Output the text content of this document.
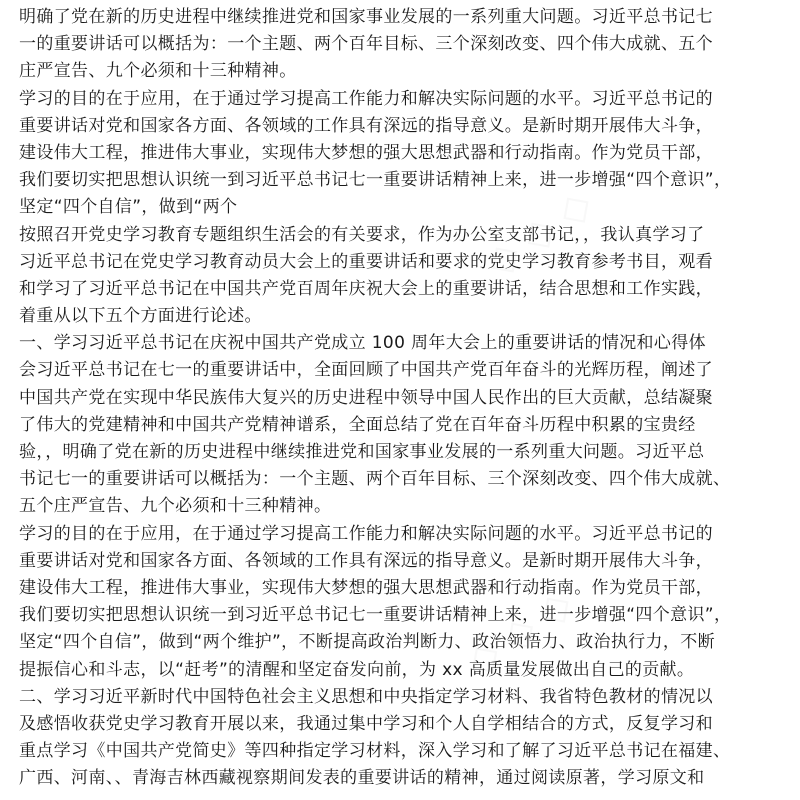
明确了党在新的历史进程中继续推进党和国家事业发展的一系列重大问题。习近平总书记七
一的重要讲话可以概括为：一个主题、两个百年目标、三个深刻改变、四个伟大成就、五个
庄严宣告、九个必须和十三种精神。
学习的目的在于应用，在于通过学习提高工作能力和解决实际问题的水平。习近平总书记的
重要讲话对党和国家各方面、各领域的工作具有深远的指导意义。是新时期开展伟大斗争，
建设伟大工程，推进伟大事业，实现伟大梦想的强大思想武器和行动指南。作为党员干部，
我们要切实把思想认识统一到习近平总书记七一重要讲话精神上来，进一步增强“四个意识”，
坚定“四个自信”，做到“两个
按照召开党史学习教育专题组织生活会的有关要求，作为办公室支部书记，，我认真学习了
习近平总书记在党史学习教育动员大会上的重要讲话和要求的党史学习教育参考书目，观看
和学习了习近平总书记在中国共产党百周年庆祝大会上的重要讲话，结合思想和工作实践，
着重从以下五个方面进行论述。
一、学习习近平总书记在庆祝中国共产党成立 100 周年大会上的重要讲话的情况和心得体
会习近平总书记在七一的重要讲话中，全面回顾了中国共产党百年奋斗的光辉历程，阐述了
中国共产党在实现中华民族伟大复兴的历史进程中领导中国人民作出的巨大贡献，总结凝聚
了伟大的党建精神和中国共产党精神谱系，全面总结了党在百年奋斗历程中积累的宝贵经
验，，明确了党在新的历史进程中继续推进党和国家事业发展的一系列重大问题。习近平总
书记七一的重要讲话可以概括为：一个主题、两个百年目标、三个深刻改变、四个伟大成就、
五个庄严宣告、九个必须和十三种精神。
学习的目的在于应用，在于通过学习提高工作能力和解决实际问题的水平。习近平总书记的
重要讲话对党和国家各方面、各领域的工作具有深远的指导意义。是新时期开展伟大斗争，
建设伟大工程，推进伟大事业，实现伟大梦想的强大思想武器和行动指南。作为党员干部，
我们要切实把思想认识统一到习近平总书记七一重要讲话精神上来，进一步增强“四个意识”，
坚定“四个自信”，做到“两个维护”，不断提高政治判断力、政治领悟力、政治执行力，不断
提振信心和斗志，以“赶考”的清醒和坚定奋发向前，为 xx 高质量发展做出自己的贡献。
二、学习习近平新时代中国特色社会主义思想和中央指定学习材料、我省特色教材的情况以
及感悟收获党史学习教育开展以来，我通过集中学习和个人自学相结合的方式，反复学习和
重点学习《中国共产党简史》等四种指定学习材料，深入学习和了解了习近平总书记在福建、
广西、河南、、青海吉林西藏视察期间发表的重要讲话的精神，通过阅读原著，学习原文和
◇ ◇ ◇
◇ ◇ ◇
